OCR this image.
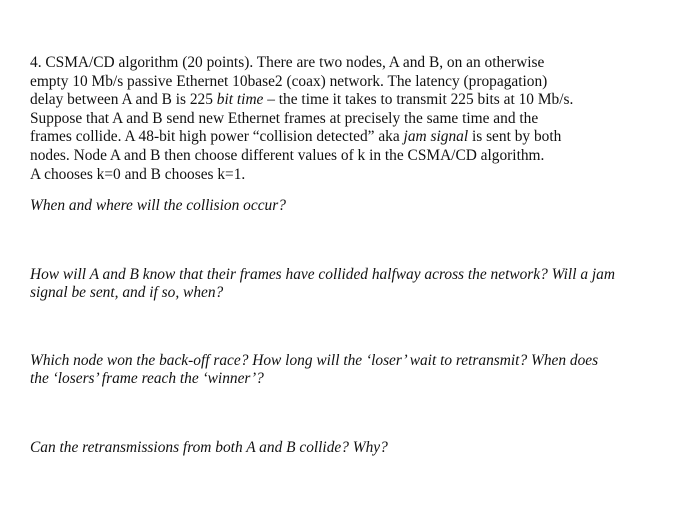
4. CSMA/CD algorithm (20 points). There are two nodes, A and B, on an otherwise
empty 10 Mb/s passive Ethernet 10base2 (coax) network. The latency (propagation)
delay between A and B is 225 bit time – the time it takes to transmit 225 bits at 10 Mb/s.
Suppose that A and B send new Ethernet frames at precisely the same time and the
frames collide. A 48-bit high power “collision detected” aka jam signal is sent by both
nodes. Node A and B then choose different values of k in the CSMA/CD algorithm.
A chooses k=0 and B chooses k=1.

When and where will the collision occur?

How will A and B know that their frames have collided halfway across the network? Will a jam
signal be sent, and if so, when?

Which node won the back-off race? How long will the ‘loser’ wait to retransmit? When does
the ‘losers’ frame reach the ‘winner’?

Can the retransmissions from both A and B collide? Why?
